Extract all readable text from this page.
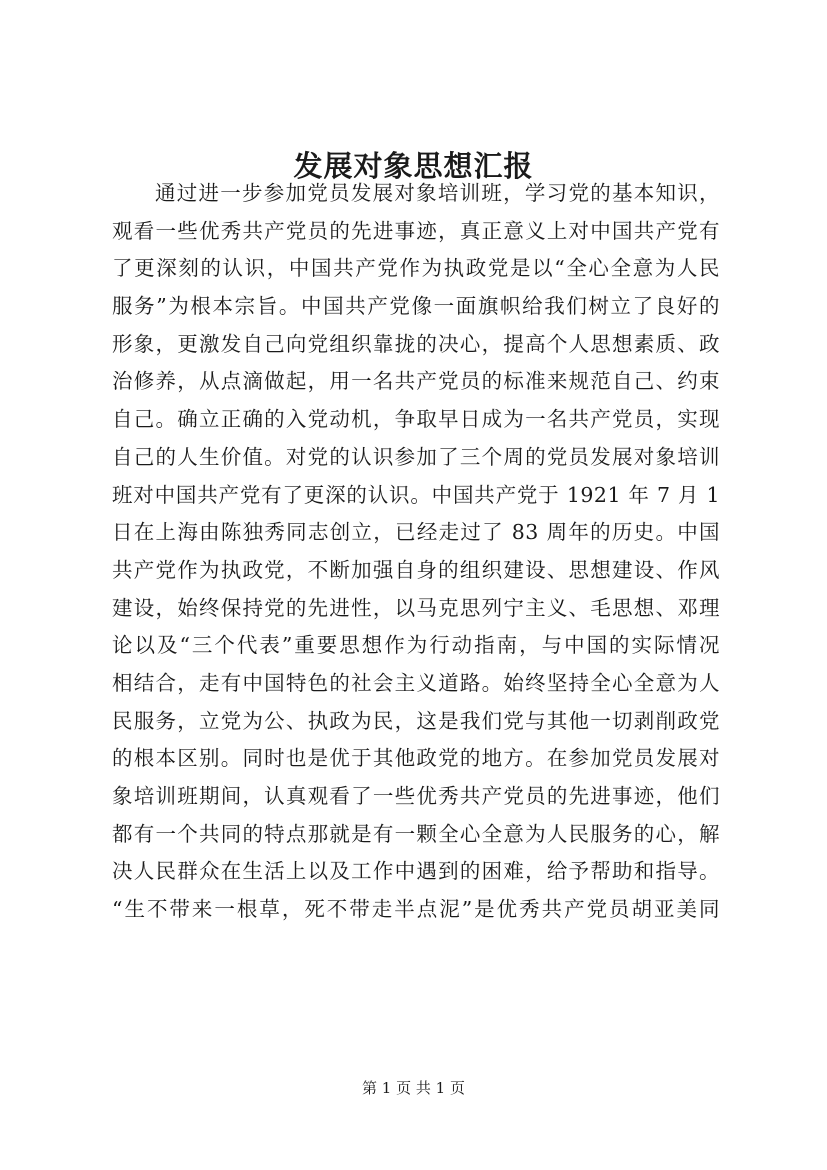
发展对象思想汇报
通过进一步参加党员发展对象培训班，学习党的基本知识，
观看一些优秀共产党员的先进事迹，真正意义上对中国共产党有
了更深刻的认识，中国共产党作为执政党是以“全心全意为人民
服务”为根本宗旨。中国共产党像一面旗帜给我们树立了良好的
形象，更激发自己向党组织靠拢的决心，提高个人思想素质、政
治修养，从点滴做起，用一名共产党员的标准来规范自己、约束
自己。确立正确的入党动机，争取早日成为一名共产党员，实现
自己的人生价值。对党的认识参加了三个周的党员发展对象培训
班对中国共产党有了更深的认识。中国共产党于 1921 年 7 月 1
日在上海由陈独秀同志创立，已经走过了 83 周年的历史。中国
共产党作为执政党，不断加强自身的组织建设、思想建设、作风
建设，始终保持党的先进性，以马克思列宁主义、毛思想、邓理
论以及“三个代表”重要思想作为行动指南，与中国的实际情况
相结合，走有中国特色的社会主义道路。始终坚持全心全意为人
民服务，立党为公、执政为民，这是我们党与其他一切剥削政党
的根本区别。同时也是优于其他政党的地方。在参加党员发展对
象培训班期间，认真观看了一些优秀共产党员的先进事迹，他们
都有一个共同的特点那就是有一颗全心全意为人民服务的心，解
决人民群众在生活上以及工作中遇到的困难，给予帮助和指导。
“生不带来一根草，死不带走半点泥”是优秀共产党员胡亚美同
第 1 页 共 1 页
